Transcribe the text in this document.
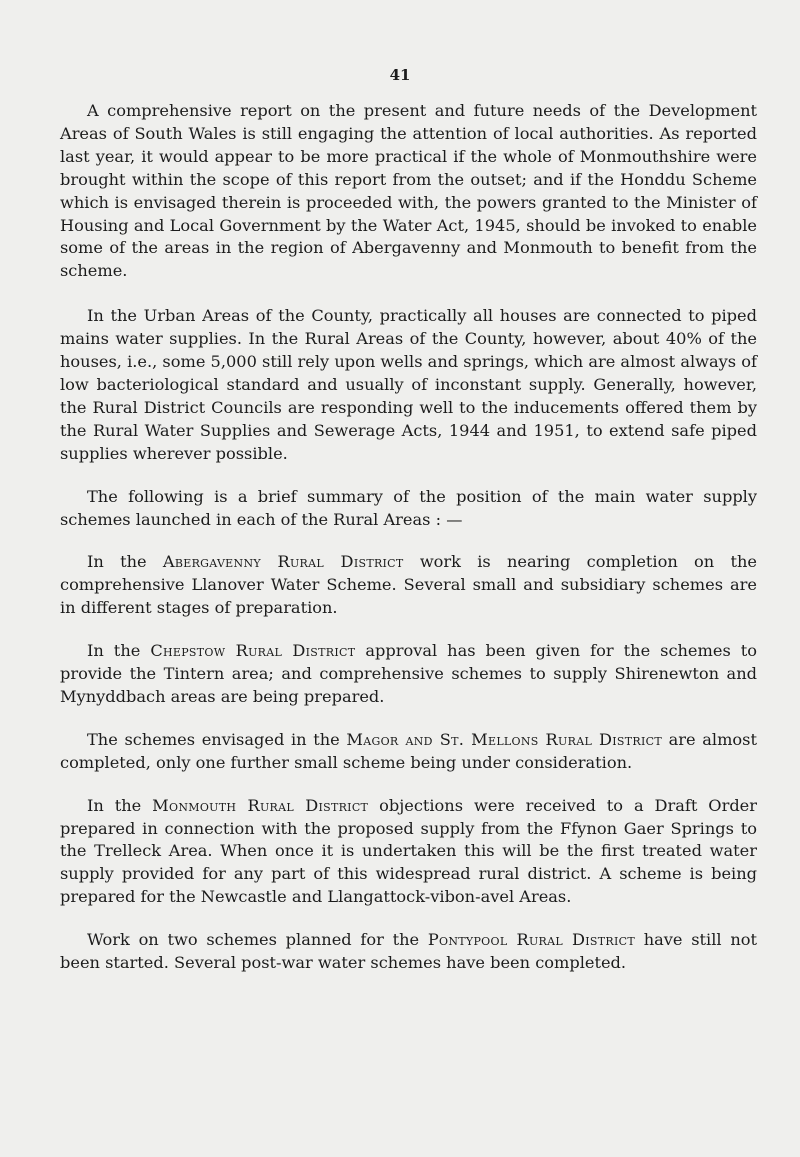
41

A comprehensive report on the present and future needs of the Development Areas of South Wales is still engaging the attention of local authorities. As reported last year, it would appear to be more practical if the whole of Monmouthshire were brought within the scope of this report from the outset; and if the Honddu Scheme which is envisaged therein is proceeded with, the powers granted to the Minister of Housing and Local Government by the Water Act, 1945, should be invoked to enable some of the areas in the region of Abergavenny and Monmouth to benefit from the scheme.

In the Urban Areas of the County, practically all houses are connected to piped mains water supplies. In the Rural Areas of the County, however, about 40% of the houses, i.e., some 5,000 still rely upon wells and springs, which are almost always of low bacteriological standard and usually of inconstant supply. Generally, however, the Rural District Councils are responding well to the inducements offered them by the Rural Water Supplies and Sewerage Acts, 1944 and 1951, to extend safe piped supplies wherever possible.

The following is a brief summary of the position of the main water supply schemes launched in each of the Rural Areas : —

In the Abergavenny Rural District work is nearing completion on the comprehensive Llanover Water Scheme. Several small and subsidiary schemes are in different stages of preparation.

In the Chepstow Rural District approval has been given for the schemes to provide the Tintern area; and comprehensive schemes to supply Shirenewton and Mynyddbach areas are being prepared.

The schemes envisaged in the Magor and St. Mellons Rural District are almost completed, only one further small scheme being under consideration.

In the Monmouth Rural District objections were received to a Draft Order prepared in connection with the proposed supply from the Ffynon Gaer Springs to the Trelleck Area. When once it is undertaken this will be the first treated water supply provided for any part of this widespread rural district. A scheme is being prepared for the Newcastle and Llangattock-vibon-avel Areas.

Work on two schemes planned for the Pontypool Rural District have still not been started. Several post-war water schemes have been completed.
